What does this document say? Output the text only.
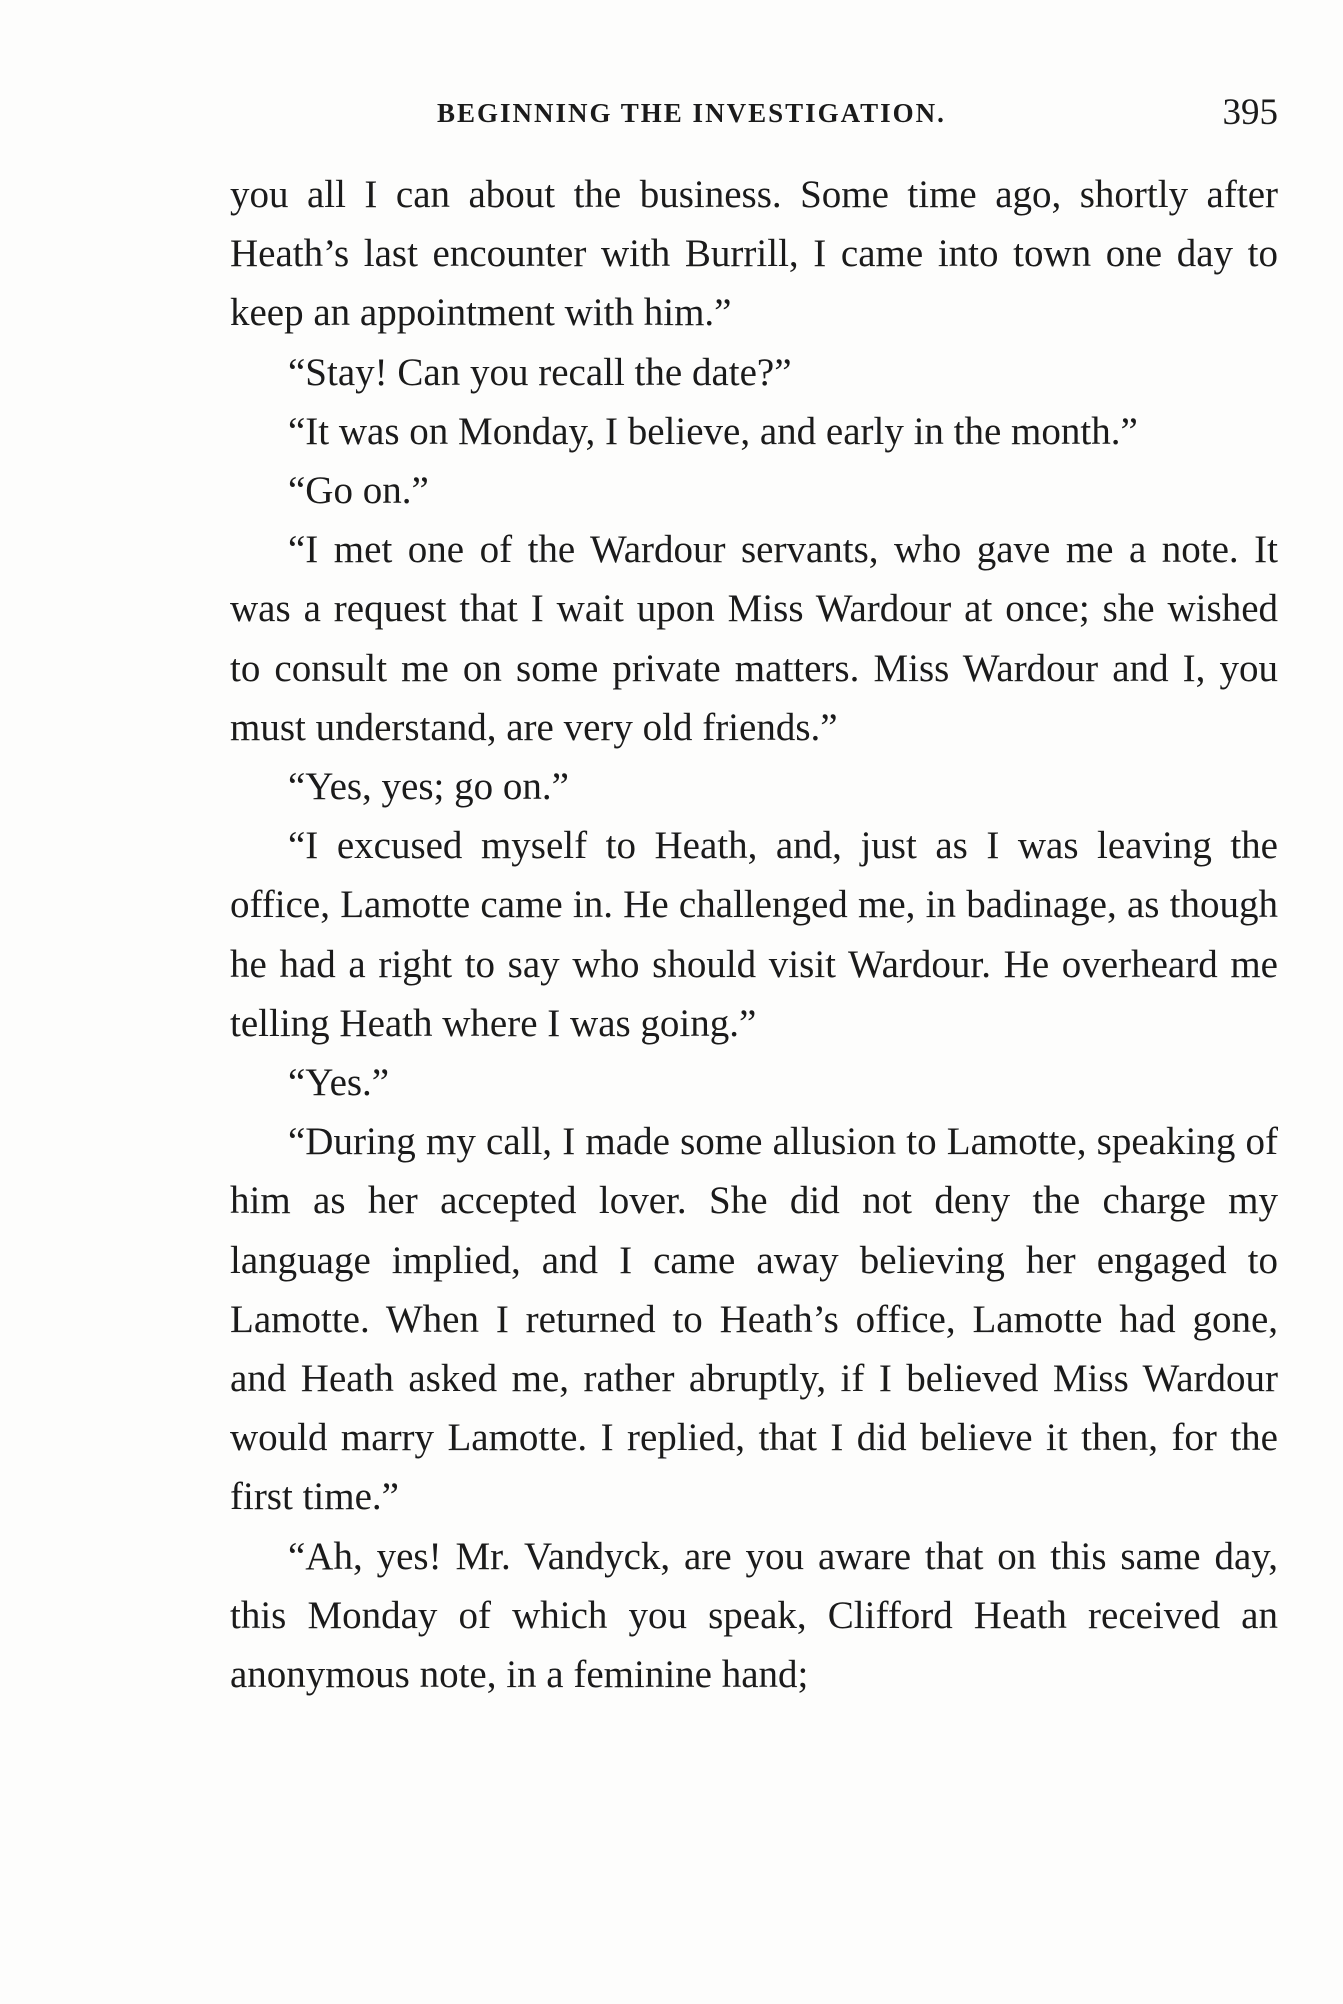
BEGINNING THE INVESTIGATION.	395

you all I can about the business. Some time ago, shortly after Heath’s last encounter with Burrill, I came into town one day to keep an appointment with him.”

“Stay! Can you recall the date?”

“It was on Monday, I believe, and early in the month.”

“Go on.”

“I met one of the Wardour servants, who gave me a note. It was a request that I wait upon Miss Wardour at once; she wished to consult me on some private matters. Miss Wardour and I, you must understand, are very old friends.”

“Yes, yes; go on.”

“I excused myself to Heath, and, just as I was leaving the office, Lamotte came in. He challenged me, in badinage, as though he had a right to say who should visit Wardour. He overheard me telling Heath where I was going.”

“Yes.”

“During my call, I made some allusion to Lamotte, speaking of him as her accepted lover. She did not deny the charge my language implied, and I came away believing her engaged to Lamotte. When I returned to Heath’s office, Lamotte had gone, and Heath asked me, rather abruptly, if I believed Miss Wardour would marry Lamotte. I replied, that I did believe it then, for the first time.”

“Ah, yes! Mr. Vandyck, are you aware that on this same day, this Monday of which you speak, Clifford Heath received an anonymous note, in a feminine hand;
